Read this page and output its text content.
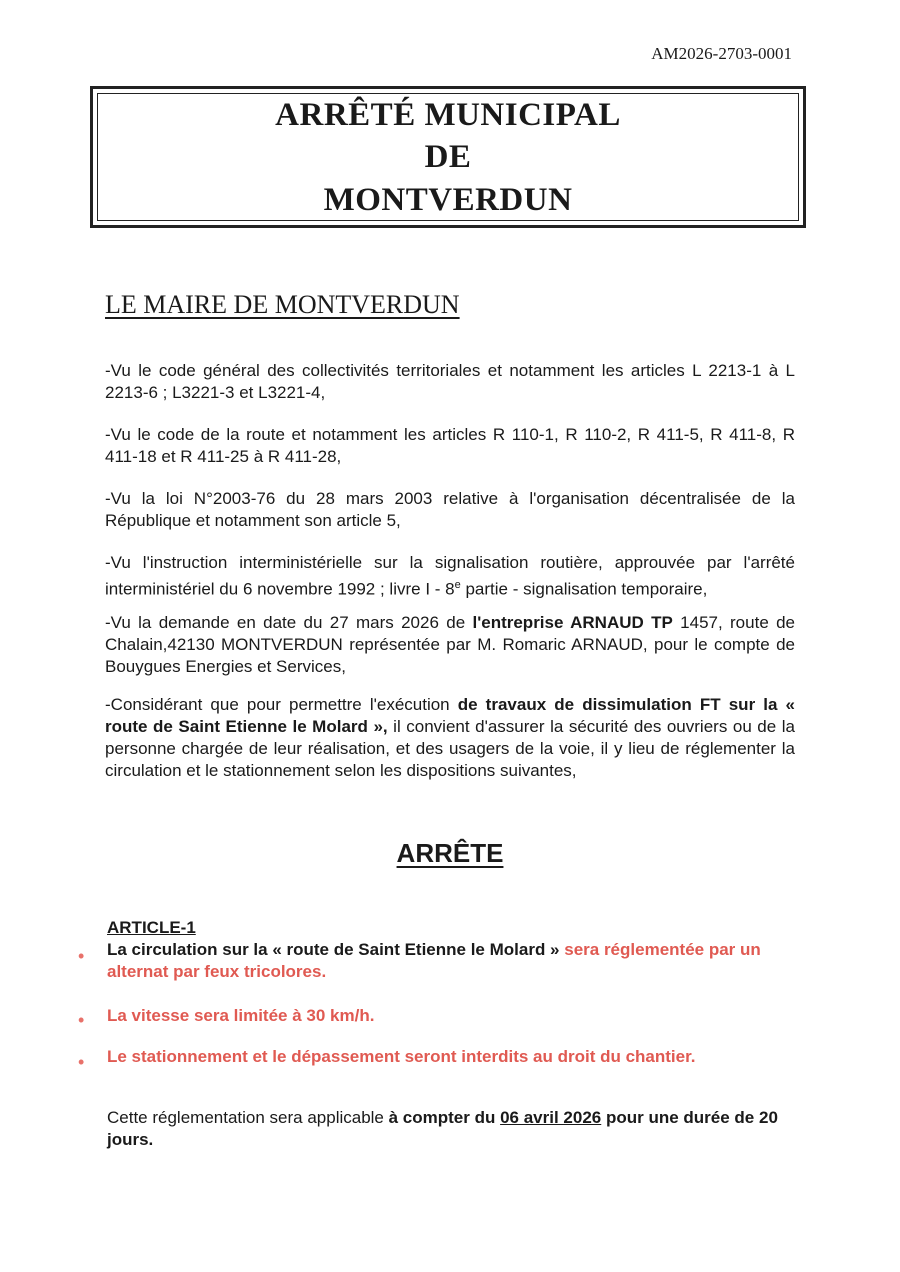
AM2026-2703-0001
ARRÊTÉ MUNICIPAL
DE
MONTVERDUN
LE MAIRE DE MONTVERDUN
-Vu le code général des collectivités territoriales et notamment les articles L 2213-1 à L 2213-6 ; L3221-3 et L3221-4,
-Vu le code de la route et notamment les articles R 110-1, R 110-2, R 411-5, R 411-8, R 411-18 et R 411-25 à R 411-28,
-Vu la loi N°2003-76 du 28 mars 2003 relative à l'organisation décentralisée de la République et notamment son article 5,
-Vu l'instruction interministérielle sur la signalisation routière, approuvée par l'arrêté interministériel du 6 novembre 1992 ; livre I - 8e partie - signalisation temporaire,
-Vu la demande en date du 27 mars 2026 de l'entreprise ARNAUD TP 1457, route de Chalain,42130 MONTVERDUN représentée par M. Romaric ARNAUD, pour le compte de Bouygues Energies et Services,
-Considérant que pour permettre l'exécution de travaux de dissimulation FT sur la « route de Saint Etienne le Molard », il convient d'assurer la sécurité des ouvriers ou de la personne chargée de leur réalisation, et des usagers de la voie, il y lieu de réglementer la circulation et le stationnement selon les dispositions suivantes,
ARRÊTE
ARTICLE-1
• La circulation sur la « route de Saint Etienne le Molard » sera réglementée par un alternat par feux tricolores.
• La vitesse sera limitée à 30 km/h.
• Le stationnement et le dépassement seront interdits au droit du chantier.
Cette réglementation sera applicable à compter du 06 avril 2026 pour une durée de 20 jours.
